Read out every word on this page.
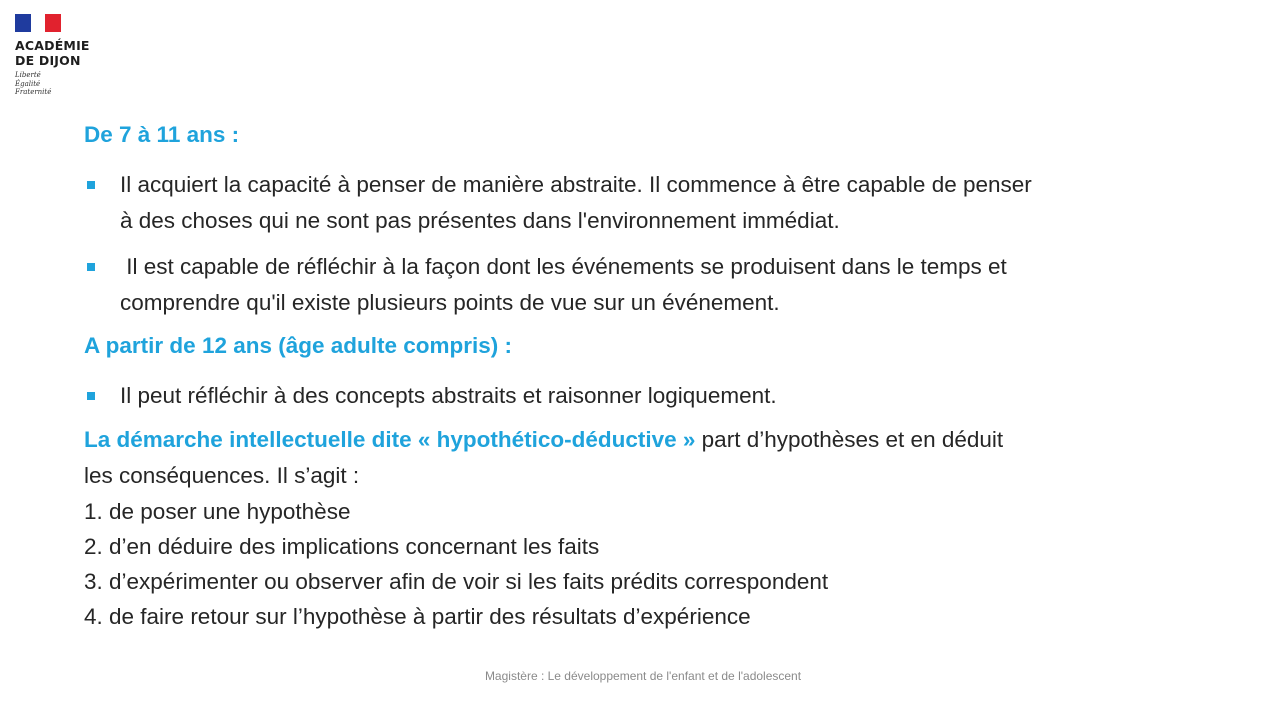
ACADÉMIE
DE DIJON
Liberté
Égalité
Fraternité
De 7 à 11 ans :
Il acquiert la capacité à penser de manière abstraite. Il commence à être capable de penser
à des choses qui ne sont pas présentes dans l'environnement immédiat.
Il est capable de réfléchir à la façon dont les événements se produisent dans le temps et
comprendre qu'il existe plusieurs points de vue sur un événement.
A partir de 12 ans (âge adulte compris) :
Il peut réfléchir à des concepts abstraits et raisonner logiquement.
La démarche intellectuelle dite « hypothético-déductive » part d’hypothèses et en déduit
les conséquences. Il s’agit :
1. de poser une hypothèse
2. d’en déduire des implications concernant les faits
3. d’expérimenter ou observer afin de voir si les faits prédits correspondent
4. de faire retour sur l’hypothèse à partir des résultats d’expérience
Magistère : Le développement de l'enfant et de l'adolescent
